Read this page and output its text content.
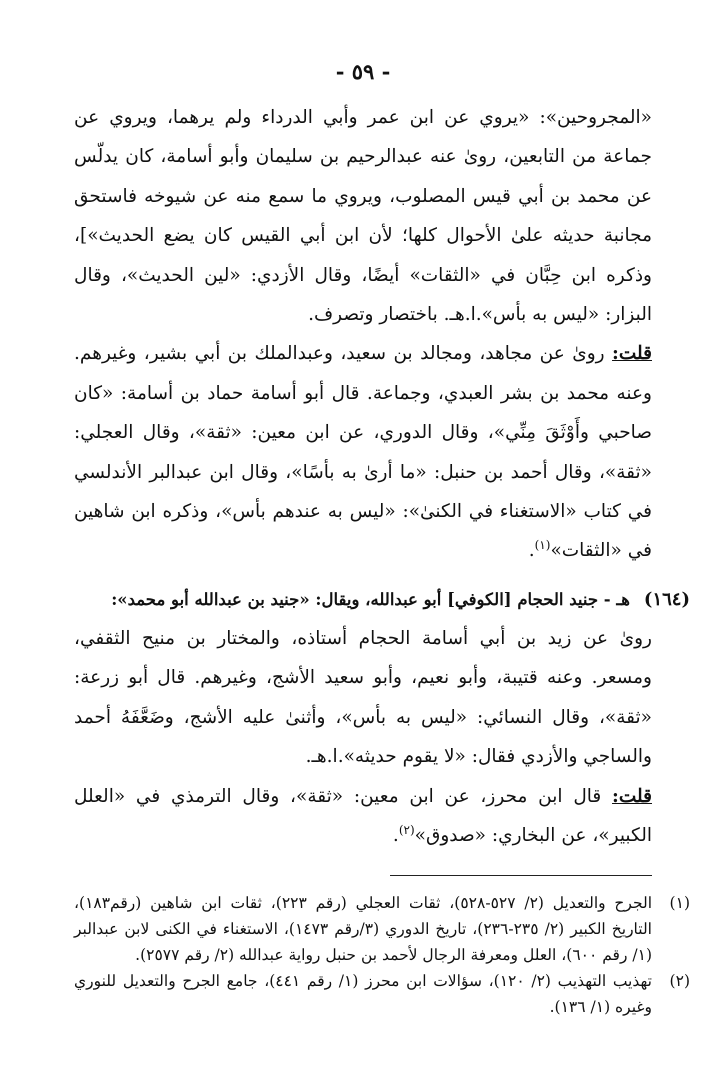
- ٥٩ -

«المجروحين»: «يروي عن ابن عمر وأبي الدرداء ولم يرهما، ويروي عن جماعة من التابعين، روىٰ عنه عبدالرحيم بن سليمان وأبو أسامة، كان يدلّس عن محمد بن أبي قيس المصلوب، ويروي ما سمع منه عن شيوخه فاستحق مجانبة حديثه علىٰ الأحوال كلها؛ لأن ابن أبي القيس كان يضع الحديث»]، وذكره ابن حِبَّان في «الثقات» أيضًا، وقال الأزدي: «لين الحديث»، وقال البزار: «ليس به بأس».ا.هـ. باختصار وتصرف.

قلت: روىٰ عن مجاهد، ومجالد بن سعيد، وعبدالملك بن أبي بشير، وغيرهم. وعنه محمد بن بشر العبدي، وجماعة. قال أبو أسامة حماد بن أسامة: «كان صاحبي وأَوْثَقَ مِنِّي»، وقال الدوري، عن ابن معين: «ثقة»، وقال العجلي: «ثقة»، وقال أحمد بن حنبل: «ما أرىٰ به بأسًا»، وقال ابن عبدالبر الأندلسي في كتاب «الاستغناء في الكنىٰ»: «ليس به عندهم بأس»، وذكره ابن شاهين في «الثقات»$^{(١)}$.

(١٦٤)هـ - جنيد الحجام [الكوفي] أبو عبدالله، ويقال: «جنيد بن عبدالله أبو محمد»:

روىٰ عن زيد بن أبي أسامة الحجام أستاذه، والمختار بن منيح الثقفي، ومسعر. وعنه قتيبة، وأبو نعيم، وأبو سعيد الأشج، وغيرهم. قال أبو زرعة: «ثقة»، وقال النسائي: «ليس به بأس»، وأثنىٰ عليه الأشج، وضَعَّفَهُ أحمد والساجي والأزدي فقال: «لا يقوم حديثه».ا.هـ.

قلت: قال ابن محرز، عن ابن معين: «ثقة»، وقال الترمذي في «العلل الكبير»، عن البخاري: «صدوق»$^{(٢)}$.

(١)
الجرح والتعديل (٢/ ٥٢٧-٥٢٨)، ثقات العجلي (رقم ٢٢٣)، ثقات ابن شاهين (رقم١٨٣)، التاريخ الكبير (٢/ ٢٣٥-٢٣٦)، تاريخ الدوري (٣/رقم ١٤٧٣)، الاستغناء في الكنى لابن عبدالبر (١/ رقم ٦٠٠)، العلل ومعرفة الرجال لأحمد بن حنبل رواية عبدالله (٢/ رقم ٢٥٧٧).
(٢)
تهذيب التهذيب (٢/ ١٢٠)، سؤالات ابن محرز (١/ رقم ٤٤١)، جامع الجرح والتعديل للنوري وغيره (١/ ١٣٦).
